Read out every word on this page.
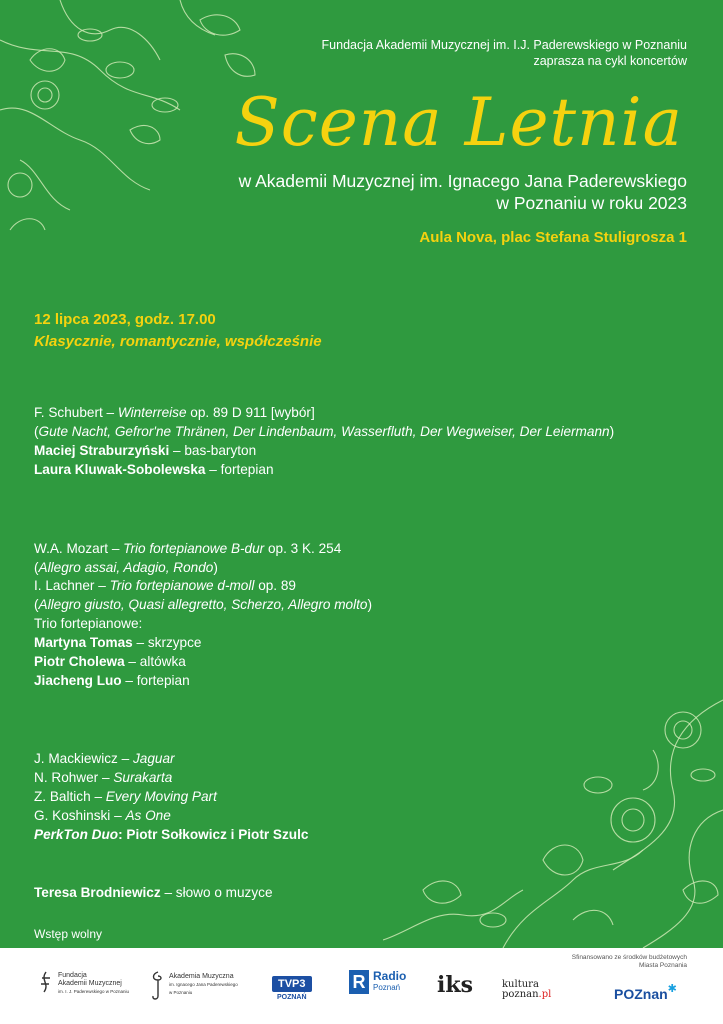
Fundacja Akademii Muzycznej im. I.J. Paderewskiego w Poznaniu
zaprasza na cykl koncertów
Scena Letnia
w Akademii Muzycznej im. Ignacego Jana Paderewskiego
w Poznaniu w roku 2023
Aula Nova, plac Stefana Stuligrosza 1
12 lipca 2023, godz. 17.00
Klasycznie, romantycznie, współcześnie
F. Schubert – Winterreise op. 89 D 911 [wybór]
(Gute Nacht, Gefror'ne Thränen, Der Lindenbaum, Wasserfluth, Der Wegweiser, Der Leiermann)
Maciej Straburzyński – bas-baryton
Laura Kluwak-Sobolewska – fortepian
W.A. Mozart – Trio fortepianowe B-dur op. 3 K. 254
(Allegro assai, Adagio, Rondo)
I. Lachner – Trio fortepianowe d-moll op. 89
(Allegro giusto, Quasi allegretto, Scherzo, Allegro molto)
Trio fortepianowe:
Martyna Tomas – skrzypce
Piotr Cholewa – altówka
Jiacheng Luo – fortepian
J. Mackiewicz – Jaguar
N. Rohwer – Surakarta
Z. Baltich – Every Moving Part
G. Koshinski – As One
PerkTon Duo: Piotr Sołkowicz i Piotr Szulc
Teresa Brodniewicz – słowo o muzyce
Wstęp wolny
Sfinansowano ze środków budżetowych
Miasta Poznania
Fundacja
Akademii Muzycznej
im. I. J. Paderewskiego w Poznaniu
Akademia Muzyczna
im. Ignacego Jana Paderewskiego
w Poznaniu
TVP3
POZNAŃ
R Radio
Poznań iks	kultura
poznan.pl	POZnan ✱
